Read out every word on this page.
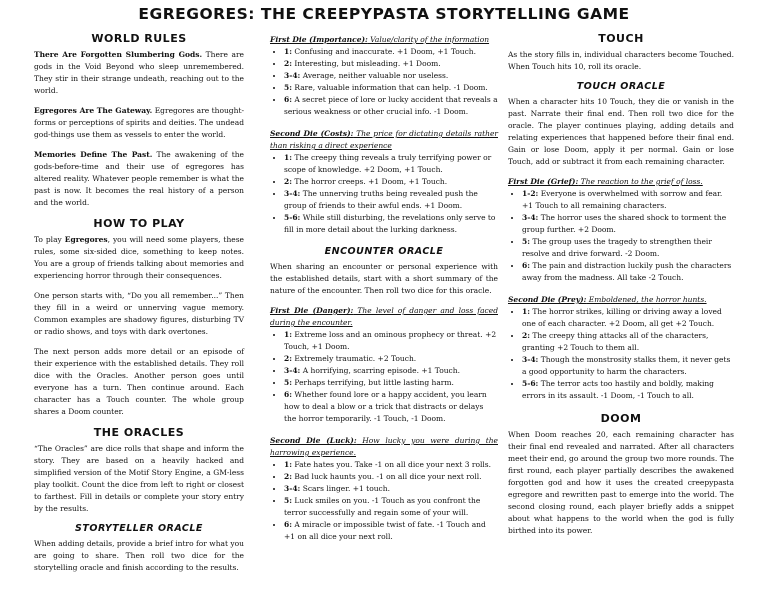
EGREGORES: THE CREEPYPASTA STORYTELLING GAME
WORLD RULES

There Are Forgotten Slumbering Gods. There are gods in the Void Beyond who sleep unremembered. They stir in their strange undeath, reaching out to the world.

Egregores Are The Gateway. Egregores are thought-forms or perceptions of spirits and deities. The undead god-things use them as vessels to enter the world.

Memories Define The Past. The awakening of the gods-before-time and their use of egregores has altered reality. Whatever people remember is what the past is now. It becomes the real history of a person and the world.

HOW TO PLAY

To play Egregores, you will need some players, these rules, some six-sided dice, something to keep notes. You are a group of friends talking about memories and experiencing horror through their consequences.

One person starts with, “Do you all remember...” Then they fill in a weird or unnerving vague memory. Common examples are shadowy figures, disturbing TV or radio shows, and toys with dark overtones.

The next person adds more detail or an episode of their experience with the established details. They roll dice with the Oracles. Another person goes until everyone has a turn. Then continue around. Each character has a Touch counter. The whole group shares a Doom counter.

THE ORACLES

“The Oracles” are dice rolls that shape and inform the story. They are based on a heavily hacked and simplified version of the Motif Story Engine, a GM-less play toolkit. Count the dice from left to right or closest to farthest. Fill in details or complete your story entry by the results.

STORYTELLER ORACLE

When adding details, provide a brief intro for what you are going to share. Then roll two dice for the storytelling oracle and finish according to the results.

First Die (Importance): Value/clarity of the information

• 1: Confusing and inaccurate. +1 Doom, +1 Touch.
• 2: Interesting, but misleading. +1 Doom.
• 3-4: Average, neither valuable nor useless.
• 5: Rare, valuable information that can help. -1 Doom.
• 6: A secret piece of lore or lucky accident that reveals a serious weakness or other crucial info. -1 Doom.

Second Die (Costs): The price for dictating details rather than risking a direct experience

• 1: The creepy thing reveals a truly terrifying power or scope of knowledge. +2 Doom, +1 Touch.
• 2: The horror creeps. +1 Doom, +1 Touch.
• 3-4: The unnerving truths being revealed push the group of friends to their awful ends. +1 Doom.
• 5-6: While still disturbing, the revelations only serve to fill in more detail about the lurking darkness.
ENCOUNTER ORACLE

When sharing an encounter or personal experience with the established details, start with a short summary of the nature of the encounter. Then roll two dice for this oracle.

First Die (Danger): The level of danger and loss faced during the encounter.

• 1: Extreme loss and an ominous prophecy or threat. +2 Touch, +1 Doom.
• 2: Extremely traumatic. +2 Touch.
• 3-4: A horrifying, scarring episode. +1 Touch.
• 5: Perhaps terrifying, but little lasting harm.
• 6: Whether found lore or a happy accident, you learn how to deal a blow or a trick that distracts or delays the horror temporarily. -1 Touch, -1 Doom.

Second Die (Luck): How lucky you were during the harrowing experience.

• 1: Fate hates you. Take -1 on all dice your next 3 rolls.
• 2: Bad luck haunts you. -1 on all dice your next roll.
• 3-4: Scars linger. +1 touch.
• 5: Luck smiles on you. -1 Touch as you confront the terror successfully and regain some of your will.
• 6: A miracle or impossible twist of fate. -1 Touch and +1 on all dice your next roll.
TOUCH

As the story fills in, individual characters become Touched. When Touch hits 10, roll its oracle.

TOUCH ORACLE

When a character hits 10 Touch, they die or vanish in the past. Narrate their final end. Then roll two dice for the oracle. The player continues playing, adding details and relating experiences that happened before their final end. Gain or lose Doom, apply it per normal. Gain or lose Touch, add or subtract it from each remaining character.

First Die (Grief): The reaction to the grief of loss.

• 1-2: Everyone is overwhelmed with sorrow and fear. +1 Touch to all remaining characters.
• 3-4: The horror uses the shared shock to torment the group further. +2 Doom.
• 5: The group uses the tragedy to strengthen their resolve and drive forward. -2 Doom.
• 6: The pain and distraction luckily push the characters away from the madness. All take -2 Touch.

Second Die (Prey): Emboldened, the horror hunts.

• 1: The horror strikes, killing or driving away a loved one of each character. +2 Doom, all get +2 Touch.
• 2: The creepy thing attacks all of the characters, granting +2 Touch to them all.
• 3-4: Though the monstrosity stalks them, it never gets a good opportunity to harm the characters.
• 5-6: The terror acts too hastily and boldly, making errors in its assault. -1 Doom, -1 Touch to all.
DOOM

When Doom reaches 20, each remaining character has their final end revealed and narrated. After all characters meet their end, go around the group two more rounds. The first round, each player partially describes the awakened forgotten god and how it uses the created creepypasta egregore and rewritten past to emerge into the world. The second closing round, each player briefly adds a snippet about what happens to the world when the god is fully birthed into its power.
